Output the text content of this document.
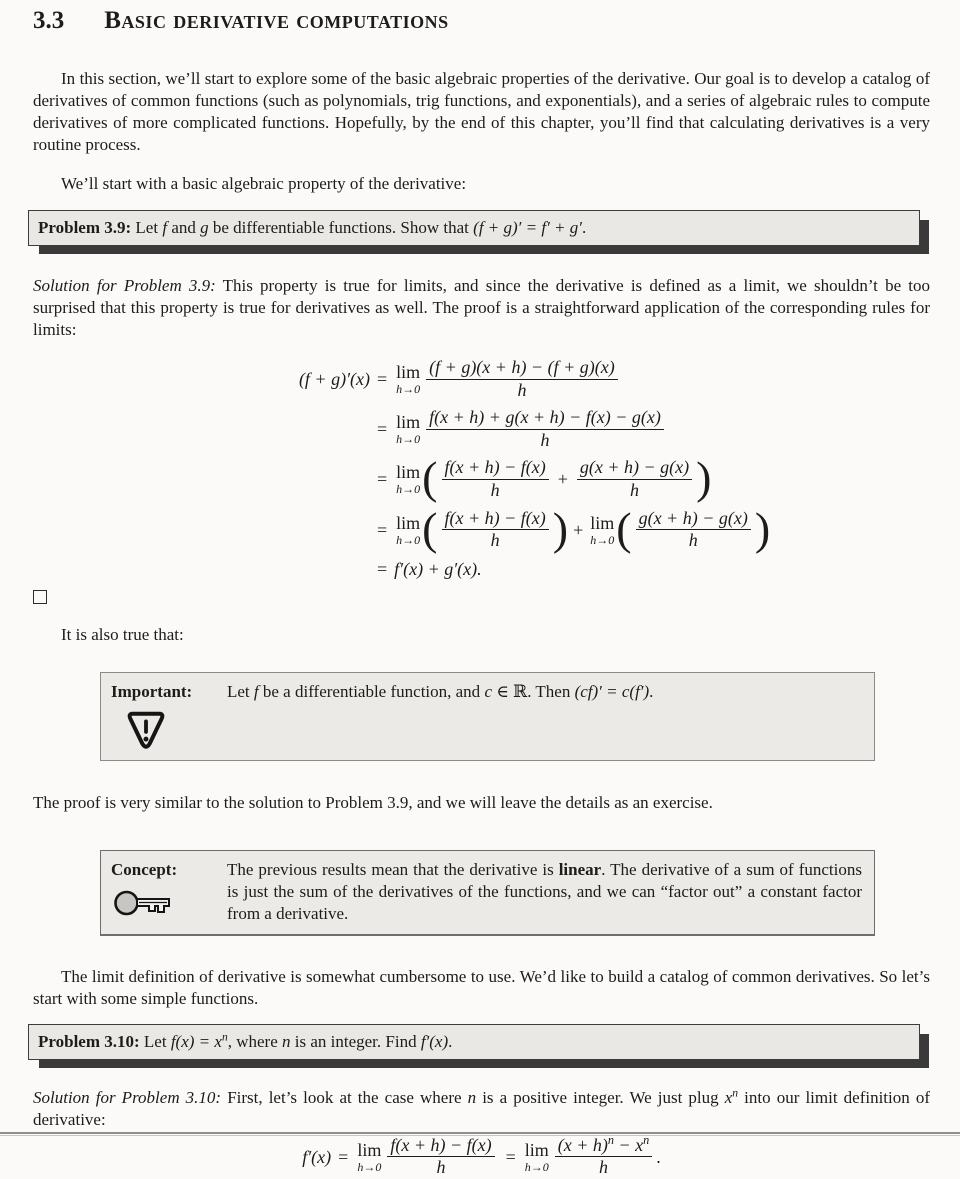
3.3 Basic derivative computations

In this section, we’ll start to explore some of the basic algebraic properties of the derivative. Our goal is to develop a catalog of derivatives of common functions (such as polynomials, trig functions, and exponentials), and a series of algebraic rules to compute derivatives of more complicated functions. Hopefully, by the end of this chapter, you’ll find that calculating derivatives is a very routine process.

We’ll start with a basic algebraic property of the derivative:

Problem 3.9: Let f and g be differentiable functions. Show that (f + g)′ = f′ + g′.

Solution for Problem 3.9: This property is true for limits, and since the derivative is defined as a limit, we shouldn’t be too surprised that this property is true for derivatives as well. The proof is a straightforward application of the corresponding rules for limits:

(f + g)′(x) = lim
$h\to 0 \frac{(f + g)(x + h) - (f + g)(x)}{h}$
= lim
$h\to 0 \frac{f(x + h) + g(x + h) - f(x) - g(x)}{h}$
= lim
h→0 ( $\frac{f(x + h) - f(x)}{h} + \frac{g(x + h) - g(x)}{h}$ )
= lim
h→0 ( $\frac{f(x + h) - f(x)}{h}$ ) + lim
h→0 ( $\frac{g(x + h) - g(x)}{h}$ )
= f′(x) + g′(x).

It is also true that:

Important:	Let f be a differentiable function, and c ∈ ℝ. Then (cf)′ = c(f′).

The proof is very similar to the solution to Problem 3.9, and we will leave the details as an exercise.

Concept:	The previous results mean that the derivative is linear. The derivative of a sum of functions is just the sum of the derivatives of the functions, and we can “factor out” a constant factor from a derivative.

The limit definition of derivative is somewhat cumbersome to use. We’d like to build a catalog of common derivatives. So let’s start with some simple functions.

Problem 3.10: Let $f(x) = x^n$, where n is an integer. Find f′(x).

Solution for Problem 3.10: First, let’s look at the case where n is a positive integer. We just plug $x^n$ into our limit definition of derivative:

f′(x) = lim
$h\to 0 \frac{f(x + h) - f(x)}{h} = \lim$
$h\to 0 \frac{(x + h)^n - x^n}{h}$ .
